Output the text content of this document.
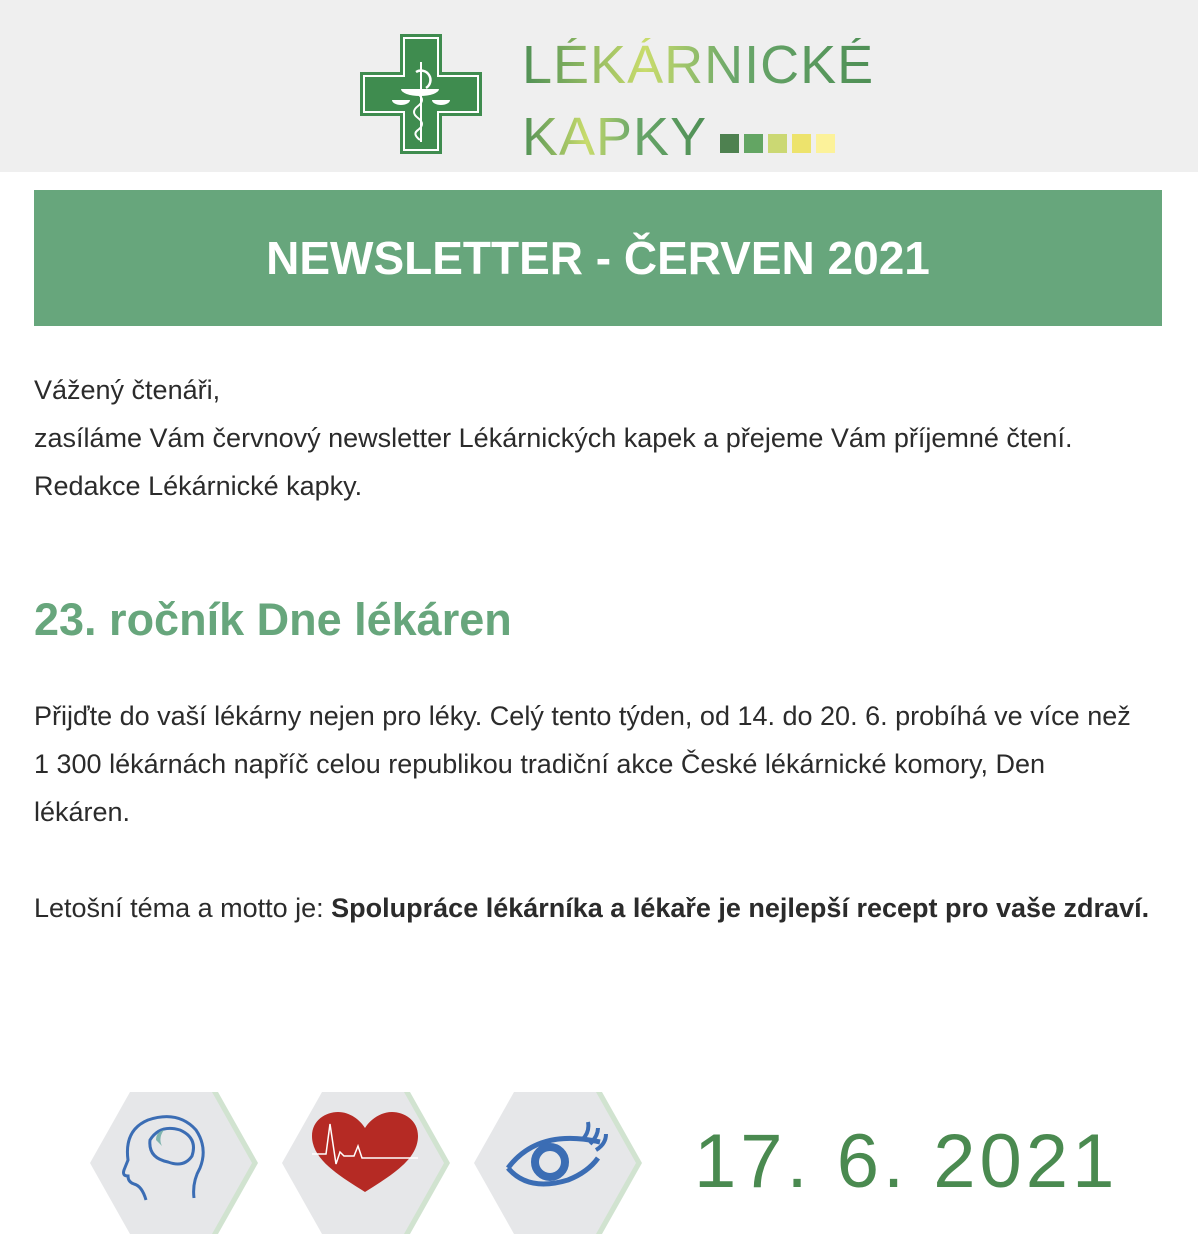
LÉKÁRNICKÉ
KAPKY
NEWSLETTER - ČERVEN 2021
Vážený čtenáři,
zasíláme Vám červnový newsletter Lékárnických kapek a přejeme Vám příjemné čtení.
Redakce Lékárnické kapky.
23. ročník Dne lékáren
Přijďte do vaší lékárny nejen pro léky. Celý tento týden, od 14. do 20. 6. probíhá ve více než 1 300 lékárnách napříč celou republikou tradiční akce České lékárnické komory, Den lékáren.
Letošní téma a motto je: Spolupráce lékárníka a lékaře je nejlepší recept pro vaše zdraví.
17. 6. 2021
